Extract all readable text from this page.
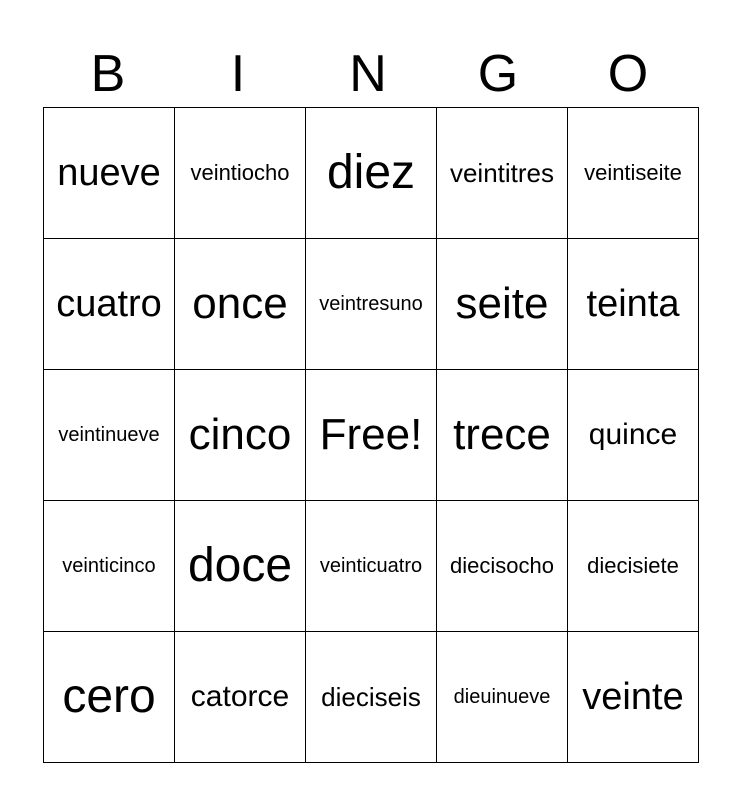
B	I	N	G	O
nueve	veintiocho	diez	veintitres	veintiseite
cuatro	once	veintresuno	seite	teinta
veintinueve	cinco	Free!	trece	quince
veinticinco	doce	veinticuatro	diecisocho	diecisiete
cero	catorce	dieciseis	dieuinueve	veinte
